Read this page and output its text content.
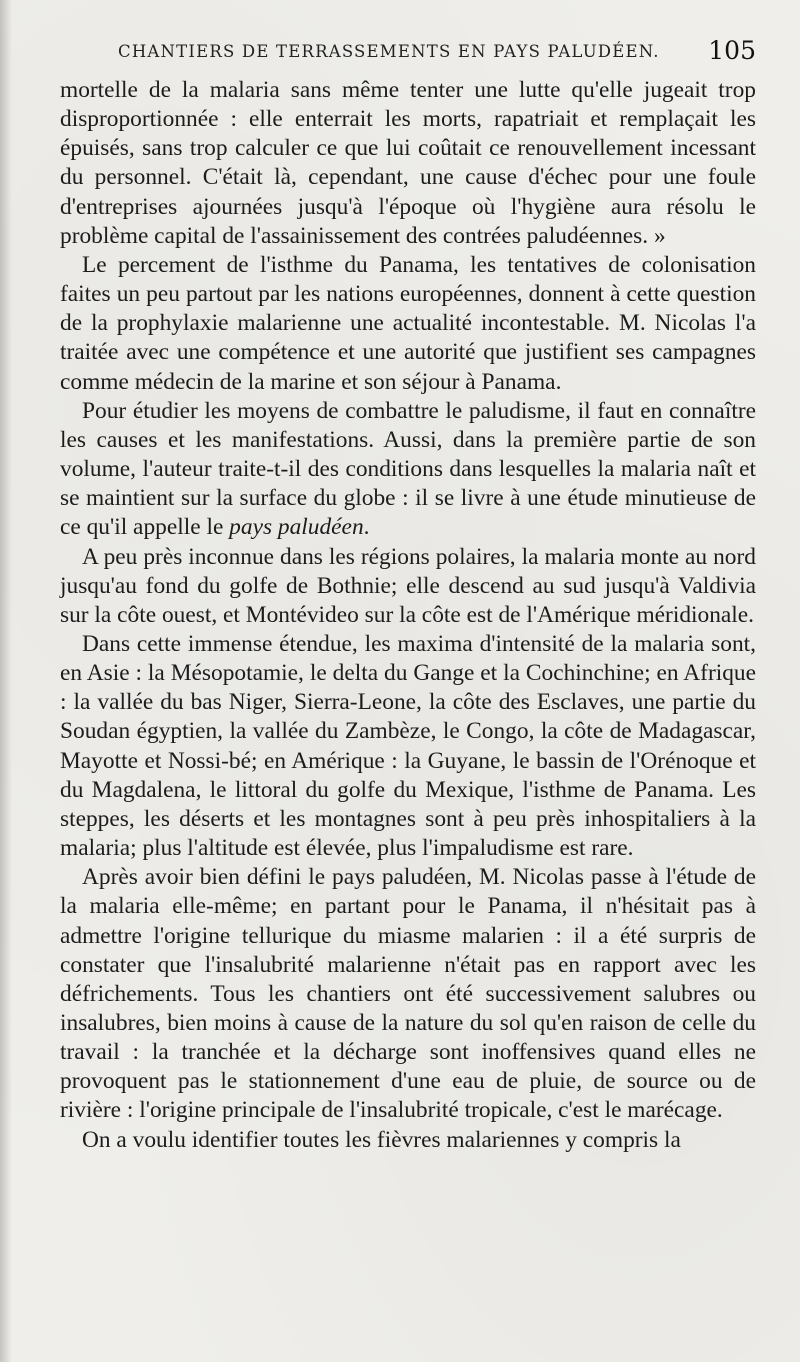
CHANTIERS DE TERRASSEMENTS EN PAYS PALUDÉEN. 105

mortelle de la malaria sans même tenter une lutte qu'elle jugeait trop disproportionnée : elle enterrait les morts, rapatriait et remplaçait les épuisés, sans trop calculer ce que lui coûtait ce renouvellement incessant du personnel. C'était là, cependant, une cause d'échec pour une foule d'entreprises ajournées jusqu'à l'époque où l'hygiène aura résolu le problème capital de l'assainissement des contrées paludéennes. »

Le percement de l'isthme du Panama, les tentatives de colonisation faites un peu partout par les nations européennes, donnent à cette question de la prophylaxie malarienne une actualité incontestable. M. Nicolas l'a traitée avec une compétence et une autorité que justifient ses campagnes comme médecin de la marine et son séjour à Panama.

Pour étudier les moyens de combattre le paludisme, il faut en connaître les causes et les manifestations. Aussi, dans la première partie de son volume, l'auteur traite-t-il des conditions dans lesquelles la malaria naît et se maintient sur la surface du globe : il se livre à une étude minutieuse de ce qu'il appelle le pays paludéen.

A peu près inconnue dans les régions polaires, la malaria monte au nord jusqu'au fond du golfe de Bothnie; elle descend au sud jusqu'à Valdivia sur la côte ouest, et Montévideo sur la côte est de l'Amérique méridionale.

Dans cette immense étendue, les maxima d'intensité de la malaria sont, en Asie : la Mésopotamie, le delta du Gange et la Cochinchine; en Afrique : la vallée du bas Niger, Sierra-Leone, la côte des Esclaves, une partie du Soudan égyptien, la vallée du Zambèze, le Congo, la côte de Madagascar, Mayotte et Nossi-bé; en Amérique : la Guyane, le bassin de l'Orénoque et du Magdalena, le littoral du golfe du Mexique, l'isthme de Panama. Les steppes, les déserts et les montagnes sont à peu près inhospitaliers à la malaria; plus l'altitude est élevée, plus l'impaludisme est rare.

Après avoir bien défini le pays paludéen, M. Nicolas passe à l'étude de la malaria elle-même; en partant pour le Panama, il n'hésitait pas à admettre l'origine tellurique du miasme malarien : il a été surpris de constater que l'insalubrité malarienne n'était pas en rapport avec les défrichements. Tous les chantiers ont été successivement salubres ou insalubres, bien moins à cause de la nature du sol qu'en raison de celle du travail : la tranchée et la décharge sont inoffensives quand elles ne provoquent pas le stationnement d'une eau de pluie, de source ou de rivière : l'origine principale de l'insalubrité tropicale, c'est le marécage.

On a voulu identifier toutes les fièvres malariennes y compris la
